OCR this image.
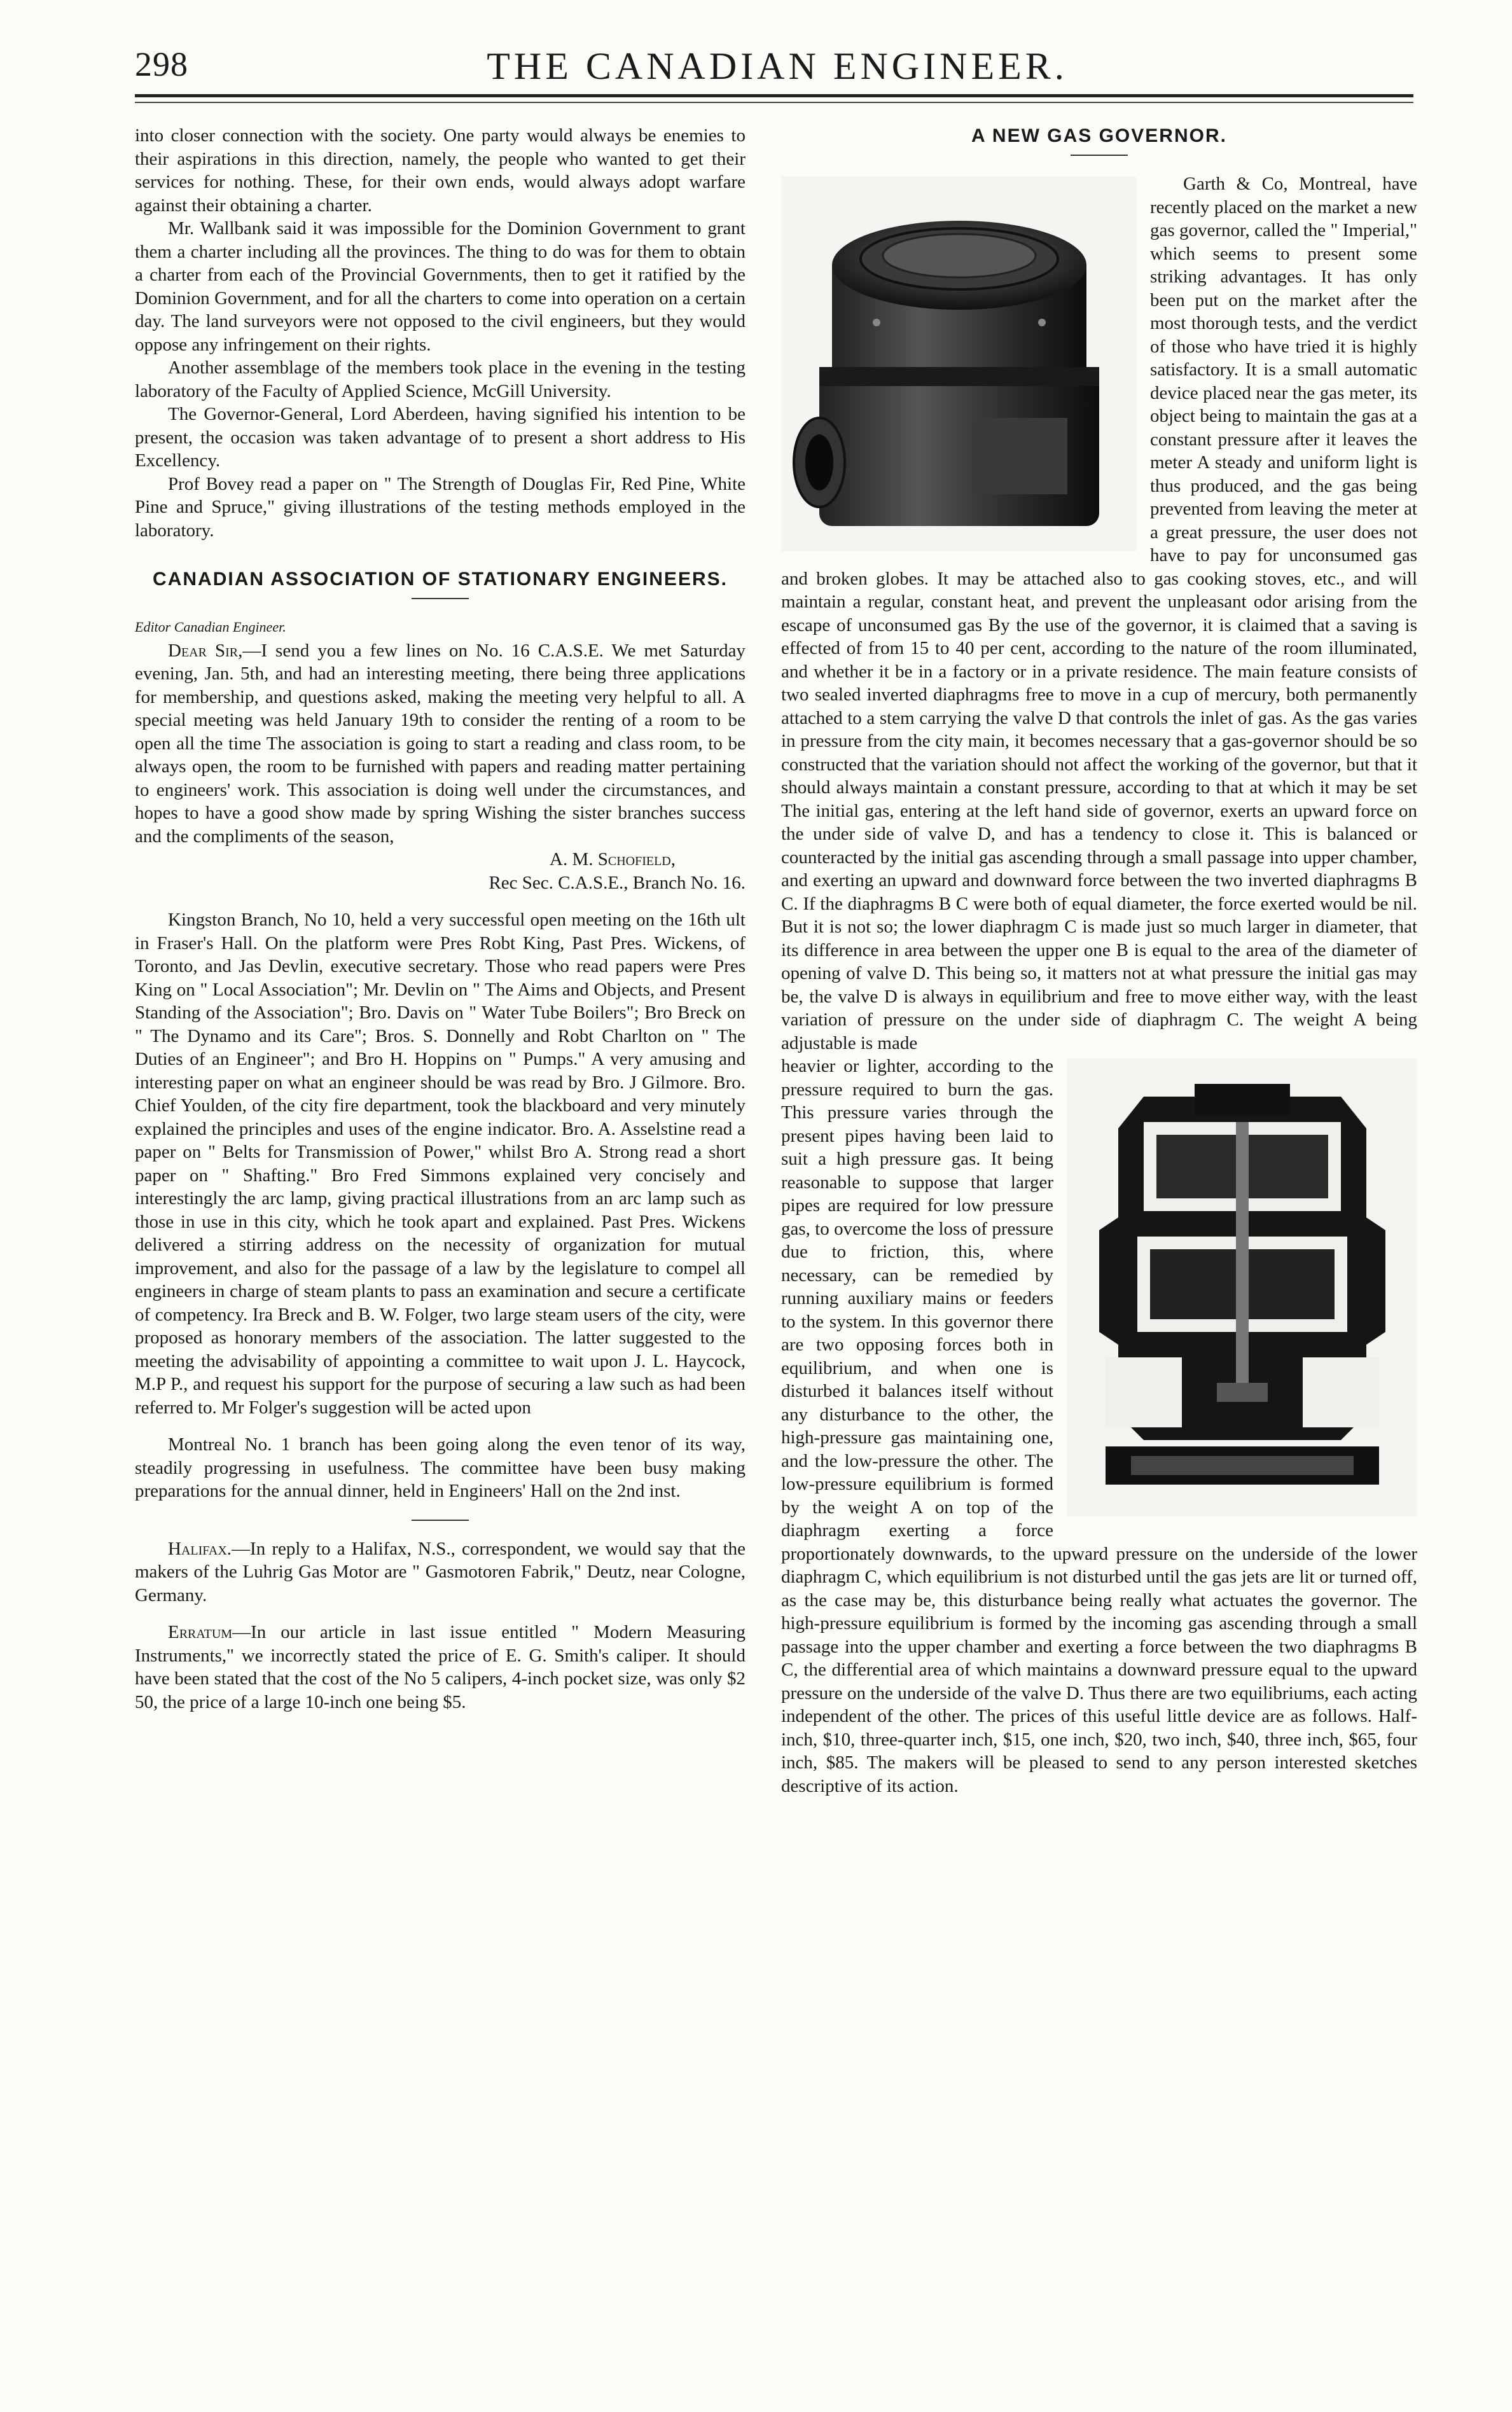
298	THE CANADIAN ENGINEER.

into closer connection with the society. One party would always be enemies to their aspirations in this direction, namely, the people who wanted to get their services for nothing. These, for their own ends, would always adopt warfare against their obtaining a charter.

Mr. Wallbank said it was impossible for the Dominion Government to grant them a charter including all the provinces. The thing to do was for them to obtain a charter from each of the Provincial Governments, then to get it ratified by the Dominion Government, and for all the charters to come into operation on a certain day. The land surveyors were not opposed to the civil engineers, but they would oppose any infringement on their rights.

Another assemblage of the members took place in the evening in the testing laboratory of the Faculty of Applied Science, McGill University.

The Governor-General, Lord Aberdeen, having signified his intention to be present, the occasion was taken advantage of to present a short address to His Excellency.

Prof Bovey read a paper on " The Strength of Douglas Fir, Red Pine, White Pine and Spruce," giving illustrations of the testing methods employed in the laboratory.

CANADIAN ASSOCIATION OF STATIONARY ENGINEERS.

Editor Canadian Engineer.

Dear Sir,—I send you a few lines on No. 16 C.A.S.E. We met Saturday evening, Jan. 5th, and had an interesting meeting, there being three applications for membership, and questions asked, making the meeting very helpful to all. A special meeting was held January 19th to consider the renting of a room to be open all the time The association is going to start a reading and class room, to be always open, the room to be furnished with papers and reading matter pertaining to engineers' work. This association is doing well under the circumstances, and hopes to have a good show made by spring Wishing the sister branches success and the compliments of the season,

A. M. Schofield,

Rec Sec. C.A.S.E., Branch No. 16.

Kingston Branch, No 10, held a very successful open meeting on the 16th ult in Fraser's Hall. On the platform were Pres Robt King, Past Pres. Wickens, of Toronto, and Jas Devlin, executive secretary. Those who read papers were Pres King on " Local Association"; Mr. Devlin on " The Aims and Objects, and Present Standing of the Association"; Bro. Davis on " Water Tube Boilers"; Bro Breck on " The Dynamo and its Care"; Bros. S. Donnelly and Robt Charlton on " The Duties of an Engineer"; and Bro H. Hoppins on " Pumps." A very amusing and interesting paper on what an engineer should be was read by Bro. J Gilmore. Bro. Chief Youlden, of the city fire department, took the blackboard and very minutely explained the principles and uses of the engine indicator. Bro. A. Asselstine read a paper on " Belts for Transmission of Power," whilst Bro A. Strong read a short paper on " Shafting." Bro Fred Simmons explained very concisely and interestingly the arc lamp, giving practical illustrations from an arc lamp such as those in use in this city, which he took apart and explained. Past Pres. Wickens delivered a stirring address on the necessity of organization for mutual improvement, and also for the passage of a law by the legislature to compel all engineers in charge of steam plants to pass an examination and secure a certificate of competency. Ira Breck and B. W. Folger, two large steam users of the city, were proposed as honorary members of the association. The latter suggested to the meeting the advisability of appointing a committee to wait upon J. L. Haycock, M.P P., and request his support for the purpose of securing a law such as had been referred to. Mr Folger's suggestion will be acted upon

Montreal No. 1 branch has been going along the even tenor of its way, steadily progressing in usefulness. The committee have been busy making preparations for the annual dinner, held in Engineers' Hall on the 2nd inst.

Halifax.—In reply to a Halifax, N.S., correspondent, we would say that the makers of the Luhrig Gas Motor are " Gasmotoren Fabrik," Deutz, near Cologne, Germany.

Erratum—In our article in last issue entitled " Modern Measuring Instruments," we incorrectly stated the price of E. G. Smith's caliper. It should have been stated that the cost of the No 5 calipers, 4-inch pocket size, was only $2 50, the price of a large 10-inch one being $5.

A NEW GAS GOVERNOR.

Garth & Co, Montreal, have recently placed on the market a new gas governor, called the " Imperial," which seems to present some striking advantages. It has only been put on the market after the most thorough tests, and the verdict of those who have tried it is highly satisfactory. It is a small automatic device placed near the gas meter, its object being to maintain the gas at a constant pressure after it leaves the meter A steady and uniform light is thus produced, and the gas being prevented from leaving the meter at a great pressure, the user does not have to pay for unconsumed gas and broken globes. It may be attached also to gas cooking stoves, etc., and will maintain a regular, constant heat, and prevent the unpleasant odor arising from the escape of unconsumed gas By the use of the governor, it is claimed that a saving is effected of from 15 to 40 per cent, according to the nature of the room illuminated, and whether it be in a factory or in a private residence. The main feature consists of two sealed inverted diaphragms free to move in a cup of mercury, both permanently attached to a stem carrying the valve D that controls the inlet of gas. As the gas varies in pressure from the city main, it becomes necessary that a gas-governor should be so constructed that the variation should not affect the working of the governor, but that it should always maintain a constant pressure, according to that at which it may be set The initial gas, entering at the left hand side of governor, exerts an upward force on the under side of valve D, and has a tendency to close it. This is balanced or counteracted by the initial gas ascending through a small passage into upper chamber, and exerting an upward and downward force between the two inverted diaphragms B C. If the diaphragms B C were both of equal diameter, the force exerted would be nil. But it is not so; the lower diaphragm C is made just so much larger in diameter, that its difference in area between the upper one B is equal to the area of the diameter of opening of valve D. This being so, it matters not at what pressure the initial gas may be, the valve D is always in equilibrium and free to move either way, with the least variation of pressure on the under side of diaphragm C. The weight A being adjustable is made

heavier or lighter, according to the pressure required to burn the gas. This pressure varies through the present pipes having been laid to suit a high pressure gas. It being reasonable to suppose that larger pipes are required for low pressure gas, to overcome the loss of pressure due to friction, this, where necessary, can be remedied by running auxiliary mains or feeders to the system. In this governor there are two opposing forces both in equilibrium, and when one is disturbed it balances itself without any disturbance to the other, the high-pressure gas maintaining one, and the low-pressure the other. The low-pressure equilibrium is formed by the weight A on top of the diaphragm exerting a force proportionately downwards, to the upward pressure on the underside of the lower diaphragm C, which equilibrium is not disturbed until the gas jets are lit or turned off, as the case may be, this disturbance being really what actuates the governor. The high-pressure equilibrium is formed by the incoming gas ascending through a small passage into the upper chamber and exerting a force between the two diaphragms B C, the differential area of which maintains a downward pressure equal to the upward pressure on the underside of the valve D. Thus there are two equilibriums, each acting independent of the other. The prices of this useful little device are as follows. Half-inch, $10, three-quarter inch, $15, one inch, $20, two inch, $40, three inch, $65, four inch, $85. The makers will be pleased to send to any person interested sketches descriptive of its action.
